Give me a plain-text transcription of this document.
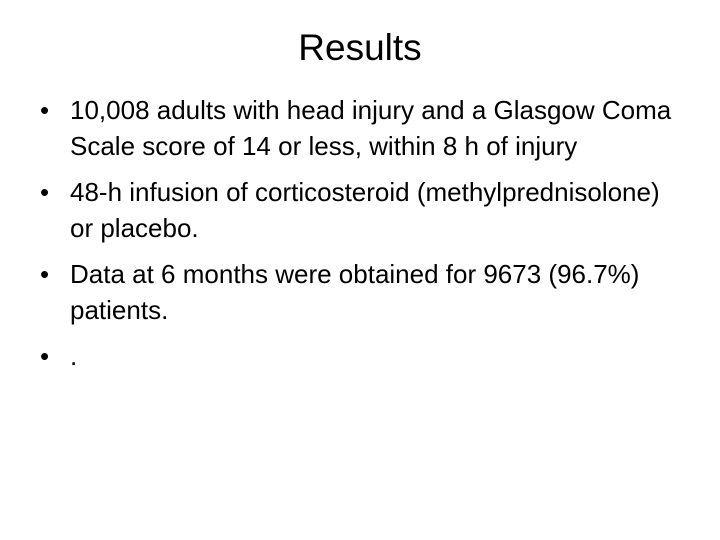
Results
• 10,008 adults with head injury and a Glasgow Coma Scale score of 14 or less, within 8 h of injury
• 48-h infusion of corticosteroid (methylprednisolone) or placebo.
• Data at 6 months were obtained for 9673 (96.7%) patients.
• .
